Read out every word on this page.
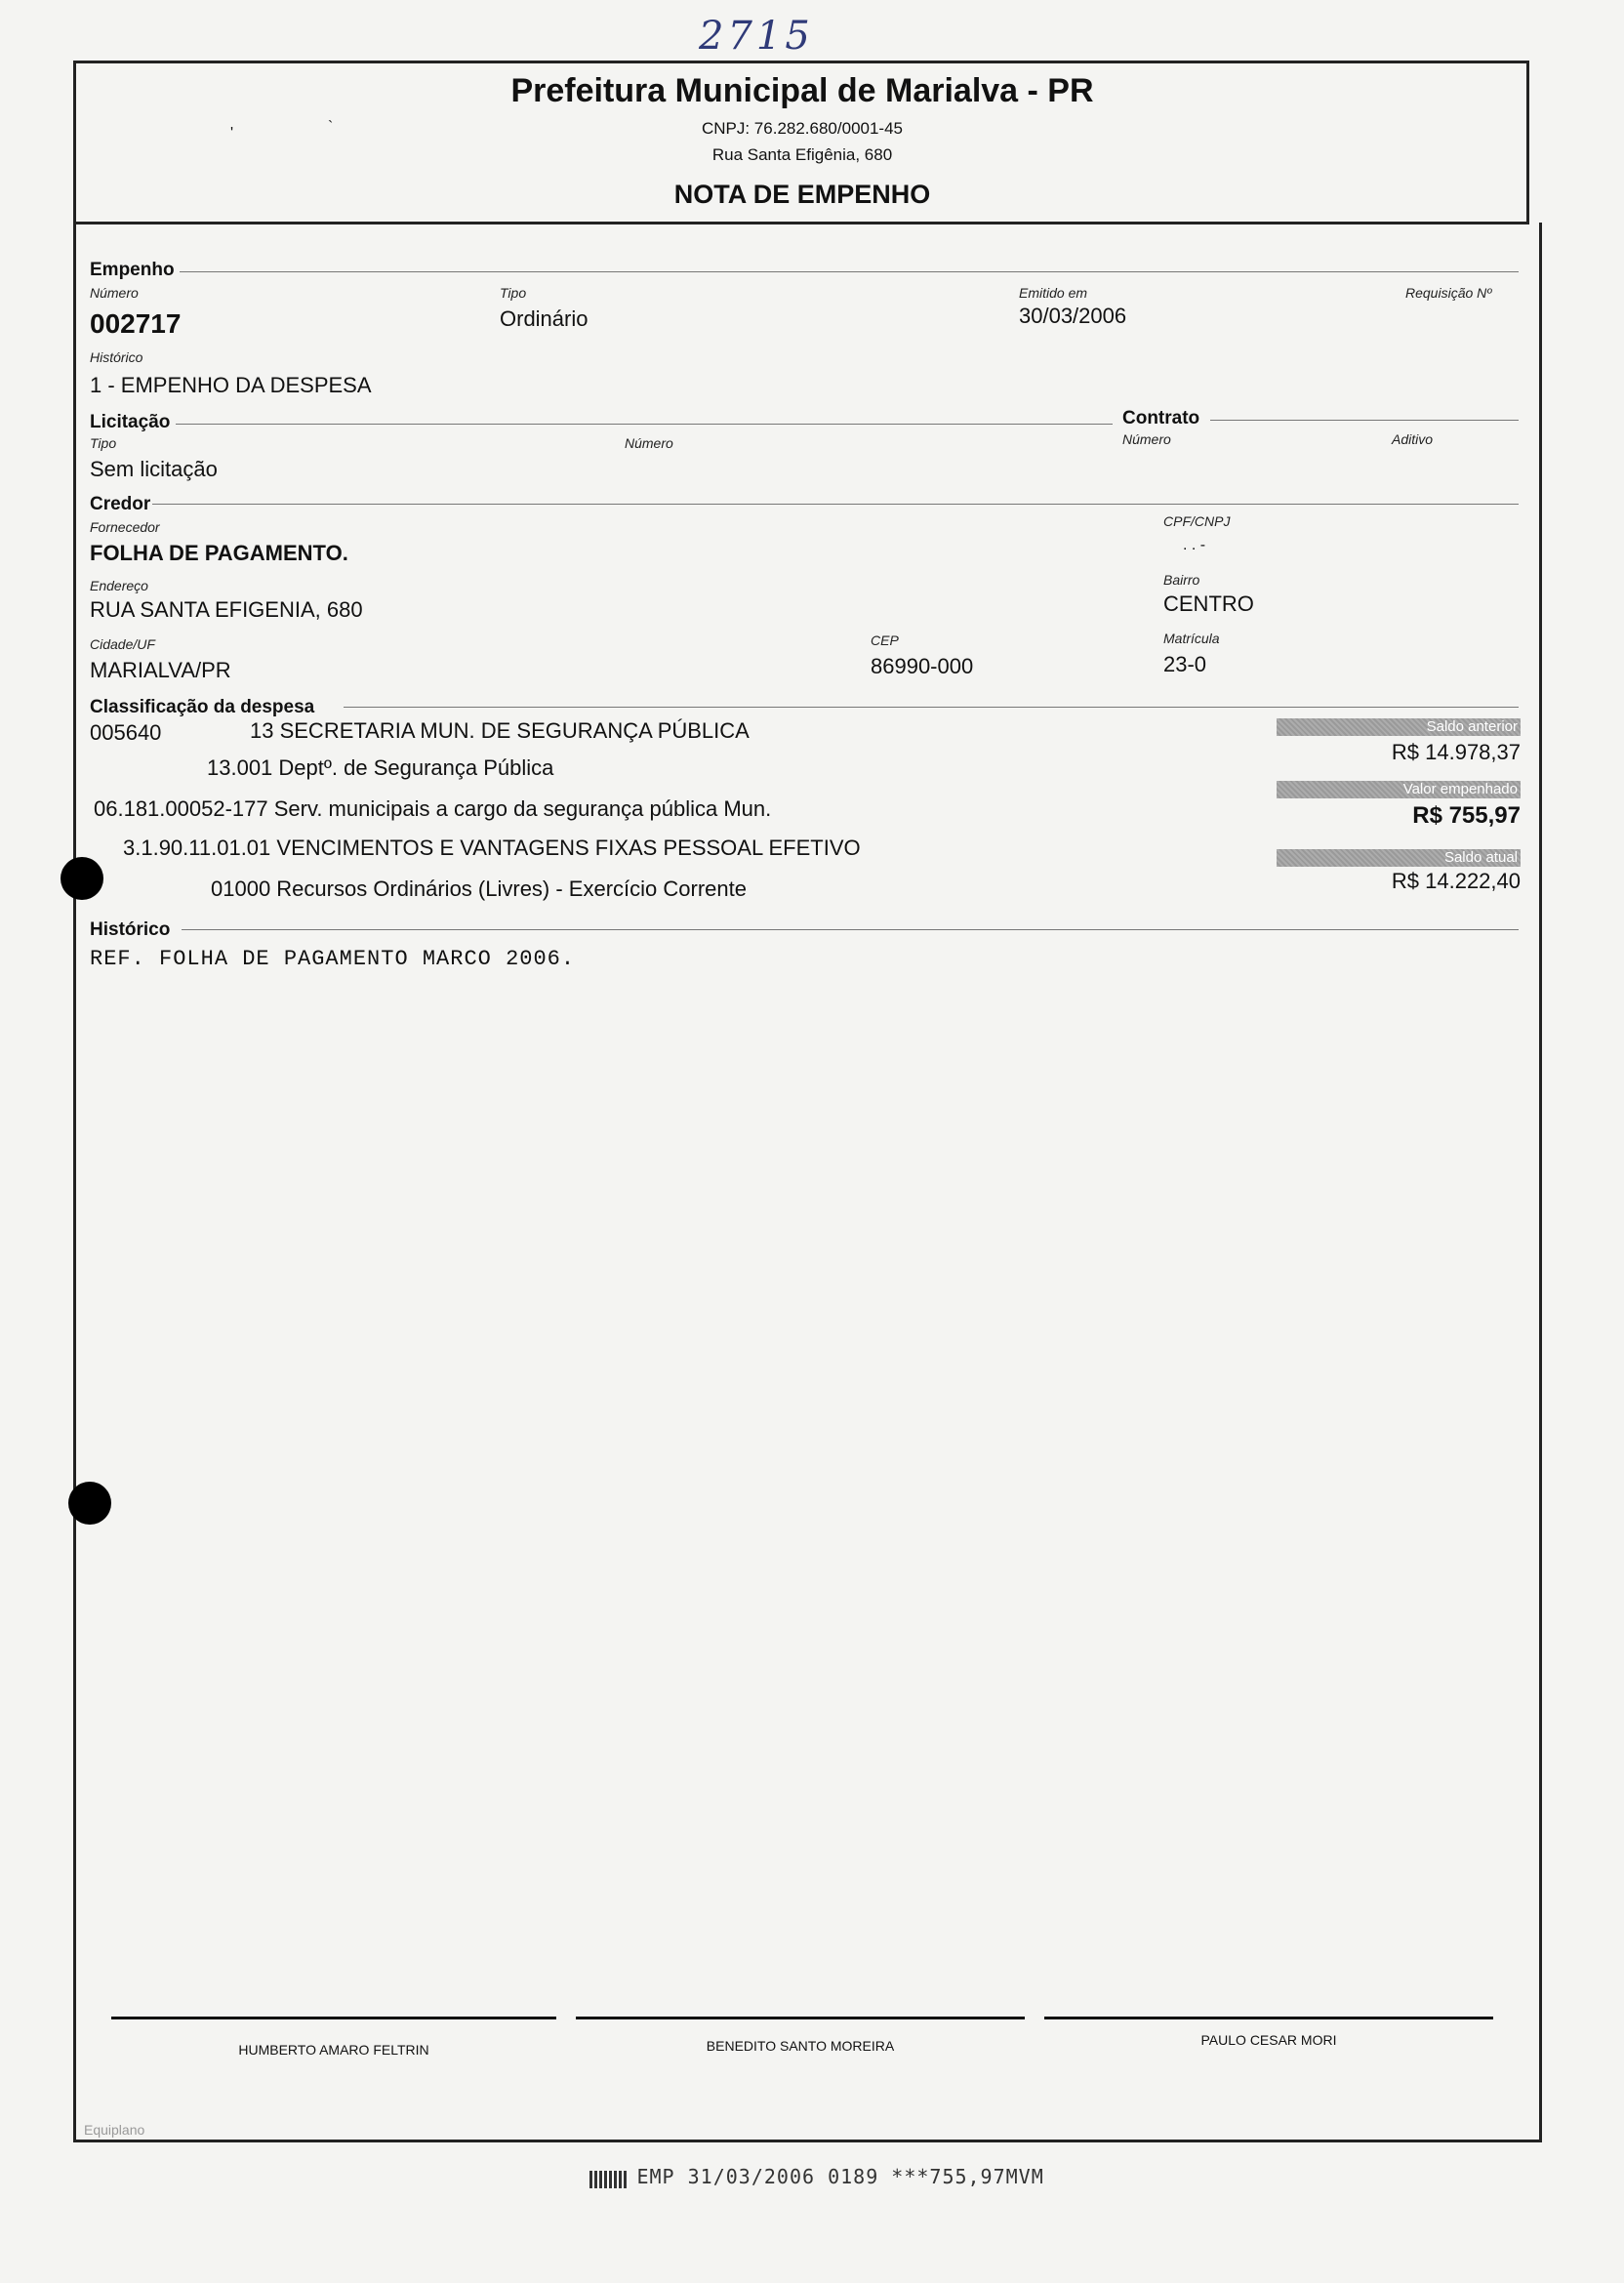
2715
'	`
Prefeitura Municipal de Marialva - PR
CNPJ: 76.282.680/0001-45
Rua Santa Efigênia, 680
NOTA DE EMPENHO
Empenho
Número
002717
Tipo
Ordinário
Emitido em
30/03/2006
Requisição Nº
Histórico
1 - EMPENHO DA DESPESA
Licitação	Contrato
Tipo
Sem licitação
Número	Número	Aditivo
Credor
Fornecedor
FOLHA DE PAGAMENTO.
CPF/CNPJ
. . -
Endereço
RUA SANTA EFIGENIA, 680
Bairro
CENTRO
Cidade/UF
MARIALVA/PR
CEP
86990-000
Matrícula
23-0
Classificação da despesa
005640	13 SECRETARIA MUN. DE SEGURANÇA PÚBLICA
13.001 Deptº. de Segurança Pública
06.181.00052-177 Serv. municipais a cargo da segurança pública Mun.
3.1.90.11.01.01 VENCIMENTOS E VANTAGENS FIXAS PESSOAL EFETIVO
01000 Recursos Ordinários (Livres) - Exercício Corrente
Saldo anterior
R$ 14.978,37
Valor empenhado
R$ 755,97
Saldo atual
R$ 14.222,40
Histórico
REF. FOLHA DE PAGAMENTO MARCO 2006.
HUMBERTO AMARO FELTRIN	BENEDITO SANTO MOREIRA	PAULO CESAR MORI
Equiplano
EMP 31/03/2006 0189 ***755,97MVM
